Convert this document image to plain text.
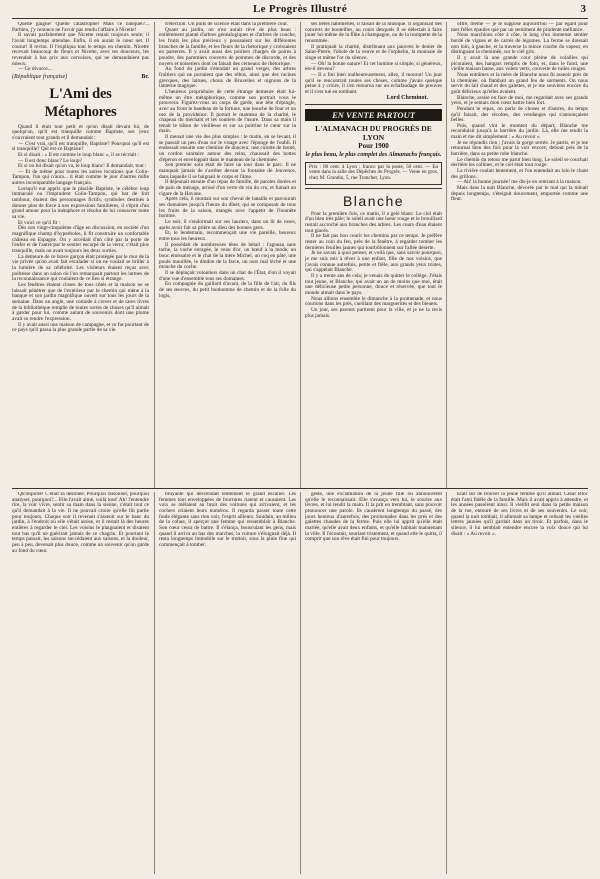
Le Progrès Illustré	3

Quelle gaigne! Quelle catastrophe! Mais ce banquet?... Parbleu, j'y renonce ne l'avoir pas rendu l'affaire à Nicette!

Il savait parfaitement que Nicette restait toujours seule; il l'avait longtemps attendue. Enfin, il en aurait le cœur net. Il courut! Il revint. Il l'expliqua tout le temps en chemin. Nicette recevait beaucoup de fleurs et Nicette, avec tes douceurs, les revendait à bas prix aux cervoises, qui ne demandaient pas mieux.

— Ce divorce...

(République française)	Br.
L'Ami des Métaphores

Quand il était tout petit et qu'on disait devant lui, de quelqu'un, qu'il est tranquille comme Baptiste, ses yeux s'ouvraient tout grands et il demandait :

— C'est vrai, qu'il est tranquille, Baptiste? Pourquoi qu'il est si tranquille? Qui est-ce Baptiste?

Et si disait : « Il est comme le loup blanc », il se récriait :

— Il est donc blanc? Le loup?

Et si on lui disait qu'on va, le loup blanc! Il demandait, tout :

— Et de même pour toutes les autres locutions que Colin-Tampon, l'un qui n'aura... il était comme le jour d'autres mille autres incomparable langage français.

Lorsqu'il eut appris que le placide Baptiste, le célèbre loup immaculé ou l'imprudent Colin-Tampon, qui bat de fort tambour, étaient des personnages fictifs, symboles destinés à donner plus de force à nos expressions familières, il s'éprit d'un grand amour pour la métaphore et résolut de lui consacrer toute sa vie.

Et voici ce qu'il fit :

Dès son vingt-cinquième d'âge en discussion, en société d'un magnifique champ d'hyperboles, il fit construire un confortable château en Espagne. On y accédait d'un côté par la porte de l'enfer et de l'autre par le sentier escarpé de la vertu; c'était plus tranquille, mais on avait toujours les deux sorties.

La demeure de ce brave garçon était protégée par le mur de la vie privée qu'on avait fait escalader si on ne voulait se brûler à la lumière de sa célébrité. Les visiteurs étaient reçus avec politesse dans un salon où l'on remarquait partout les larmes de la reconnaissance qui coulaient de ce lieu si étrange.

Les fenêtres étaient closes de tous côtés et la maison ne se laissait pénétrer que de l'extérieur par le chemin qui mène à la banque et son jardin magnifique ouvert sur tous les jours de la semaine. Dans un angle, une comode à crever et de rares livres de la bibliothèque remplie de toutes sortes de choses qu'il aimait à garder pour lui, comme autant de souvenirs dont une plume avait su rendre l'expression.

Il y avait aussi une maison de campagne, et ce fut pourtant de ce pays qu'il passa la plus grande partie de sa vie.

d'élection. Un puits de science était dans la première cour.

Quant au jardin, on n'en aurait rêvé de plus beau : entièrement planté d'arbres généalogiques et d'arbres de couche, les fruits les plus précieux y poussaient sur les différentes branches de la famille, et les fleurs de la rhétorique y croissaient en parterres. Il y avait aussi des poiriers chargés de poires à poudre, des pommiers couverts de pommes de discorde, et des noyers et noisetiers dont on faisait des cerneaux de rhétorique.

Au fond du jardin s'étendait un grand verger, des arbres fruitiers qui ne portaient que des rébus, ainsi que des racines grecques, des laitues, choux de Bruxelles et oignons de la lanterne magique.

L'heureux propriétaire de cette étrange demeure était lui-même un être métaphorique, comme son portrait vous le prouvera. Figurez-vous un corps de garde, une tête d'épingle, avec au front le bandeau de la fortune, une bouche de four et un nez de la providence. Il portait le manteau de la charité, le chapeau du méchant et les souliers de l'usure. Dans sa main il tenait le bâton de vieillesse et sur sa poitrine le cœur sur la main.

Il menait une vie des plus simples : le matin, en se levant, il se passait un peu d'eau sur le visage avec l'éponge de l'oubli. Il endossait ensuite une chemise de douceur, une culotte de bonté, un cordon sanitaire autour des reins, chaussait des bottes d'éperon et enveloppait dans le manteau de la cheminée.

Son premier soin était de faire un tour dans le parc. Il ne manquait jamais de s'arrêter devant la fontaine de Jouvence, dans laquelle il se baignait le corps et l'âme.

Il déjeunait ensuite d'un repas de famille, de paroles dorées et de pain de ménage, arrosé d'un verre de vin du cru, et fumait un cigare de la Havane.

Après cela, il montait sur son cheval de bataille et parcourait ses domaines jusqu'à l'heure du dîner, qui se composait de tous les fruits de la saison, mangés avec l'appétit de l'honnête homme.

Le soir, il s'endormait sur ses lauriers, dans un lit de roses, après avoir fait sa prière au dieu des bonnes gens.

Et, le lendemain, recommençait une vie pareille, heureux entre tous les heureux.

Il possédait de nombreuses têtes de bétail : l'agneau sans tache, la vache enragée, le veau d'or, un bœuf à la mode, un bouc émissaire et le chat de la mère Michel, un coq en pâte, une poule mouillée, le dindon de la farce, un ours mal léché et une mouche du coche.

Il se déplaçait volontiers dans un char de l'État, d'où il voyait d'une vue d'ensemble tous ses domaines.

En compagnie du gaillard d'avant, de la fille de l'air, du fils de ses œuvres, du petit bonhomme de chemin et de la folle du logis,

ses bêtes habituelles, il faisait de la musique. Il organisait des concerts de bouteilles, au cours desquels il se délectait à faire jouer lui-même de la flûte à champagne, ou de la trompette de la renommée.

Il pratiquait la charité, distribuant aux pauvres le denier de Saint-Pierre, l'obole de la veuve et de l'orphelin, la monnaie de singe et même l'or du silence.

— Oh! la bonne nature! Et cet homme si simple, si généreux, est-il devenu?

— Il a fini bien malheureusement, allez, il mourut! Un jour qu'il se rencontrait toutes ses choses, comme j'avais quelque peine à y croire, il s'en retourna sur un échafaudage de preuves et il s'est tué en tombant.

Lord Cheminot.
EN VENTE PARTOUT
L'ALMANACH DU PROGRÈS DE LYON
Pour 1900
le plus beau, le plus complet des Almanachs français.
Prix : 80 cent. à Lyon ; franco par la poste, 50 cent. — En vente dans la salle des Dépêches du Progrès. — Vente en gros, chez M. Grandin, 5, rue Tronchet, Lyon.
Blanche

Pour la première fois, ce matin, il a gelé blanc. Le ciel était d'un bleu très pâle; le soleil avait une lueur rouge et le brouillard restait accroché aux branches des arbres. Les cours d'eau étaient tout glacés.

Il ne fait pas bon courir les chemins par ce temps. Je préfère rester au coin du feu, près de la fenêtre, à regarder tomber les dernières feuilles jaunes qui tourbillonnent sur l'allée déserte.

Je ne savais à quoi penser, et voilà que, sans savoir pourquoi, je me suis mis à rêver à une enfant, fille de nos voisins, que j'avais connue autrefois, petite et frêle, aux grands yeux tristes, qui s'appelait Blanche.

Il y a trente ans de cela; je venais de quitter le collège. J'étais tout jeune, et Blanche, qui avait un an de moins que moi, était une délicieuse petite personne, douce et réservée, que tout le monde aimait dans le pays.

Nous allions ensemble le dimanche à la promenade, et nous courions dans les prés, cueillant des marguerites et des bleuets.

Un jour, ses parents partirent pour la ville, et je ne la revis plus jamais.

offre, même — je le suppose aujourd'hui — par égard pour mes frêles épaules que par un sentiment de prudente méfiance.

Nous marchions côte à côte, le long d'un immense sentier bordé de vignes et de carrés de légumes. La ferme se dressait non loin, à gauche, et la traverse la mince courbe du vapeur, en distinguant la cheminée, sur le ciel gris.

Il y avait là une grande cour pleine de volailles qui picoraient, des hangars remplis de foin, et, dans le fond, une vieille maison basse, aux volets verts, couverte de tuiles rouges.

Nous entrâmes et la mère de Blanche nous fit asseoir près de la cheminée, où flambait un grand feu de sarments. On nous servit du lait chaud et des galettes, et je me souviens encore du goût délicieux qu'elles avaient.

Blanche, assise en face de moi, me regardait avec ses grands yeux, et je sentais mon cœur battre bien fort.

Pendant le repas, on parla de choses et d'autres, du temps qu'il faisait, des récoltes, des vendanges qui s'annonçaient belles.

Puis, quand vint le moment du départ, Blanche me reconduisit jusqu'à la barrière du jardin. Là, elle me tendit la main et me dit simplement : « Au revoir ».

Je ne répondis rien ; j'avais la gorge serrée. Je partis, et je me retournai bien des fois pour la voir encore, debout près de la barrière, dans sa petite robe blanche.

Le chemin du retour me parut bien long. Le soleil se couchait derrière les collines, et le ciel était tout rouge.

La rivière coulait lentement, et l'on entendait au loin le chant des grillons.

— Ah! la bonne journée! me dis-je en rentrant à la maison.

Mais dans la nuit Blanche, dévorée par le mal qui la minait depuis longtemps, s'éteignit doucement, emportée comme une fleur.

Qu'importe! C'était sa destinée. Pourquoi raisonner, pourquoi analyser, pourquoi?... Elle l'avait aimé, voilà tout! Ah! l'entendre rire, la voir vivre, sentir sa main dans la sienne, c'était tout ce qu'il demandait à la vie. Il ne pouvait croire qu'elle fût partie pour toujours. Chaque soir il revenait s'asseoir sur le banc du jardin, à l'endroit où elle s'était assise, et il restait là des heures entières à regarder le ciel. Les voisins le plaignaient et disaient tout bas qu'il ne guérirait jamais de ce chagrin. Et pourtant le temps passait, les saisons succédaient aux saisons, et la douleur, peu à peu, devenait plus douce, comme un souvenir qu'on garde au fond du cœur.

bruyante qui descendait lentement le grand escalier. Les femmes tout enveloppées de fourrures riaient et causaient. Les voix se mêlaient au bruit des voitures qui arrivaient, et les cochers criaient leurs numéros. Il regarda passer toute cette foule élégante sans rien voir, l'esprit ailleurs. Soudain, au milieu de la cohue, il aperçut une femme qui ressemblait à Blanche. Son cœur cessa de battre. Il s'élança, bousculant les gens, mais quand il arriva au bas des marches, la voiture s'éloignait déjà. Il resta longtemps immobile sur le trottoir, sous la pluie fine qui commençait à tomber.

geste, une exclamation de la jeune fille lui annoncèrent qu'elle le reconnaissait. Elle s'avança vers lui, le sourire aux lèvres, et lui tendit la main. Il la prit en tremblant, sans pouvoir prononcer une parole. Ils causèrent longtemps du passé, des jours heureux d'autrefois, des promenades dans les prés et des galettes chaudes de la ferme. Puis elle lui apprit qu'elle était mariée, qu'elle avait deux enfants, et qu'elle habitait maintenant la ville. Il l'écoutait, souriant tristement, et quand elle le quitta, il comprit que son rêve était fini pour toujours.

Était sûr de trouver la jeune femme qu'il aimait. César Bloc était l'ami fidèle de la famille. Mais il avait appris à attendre, et les années passèrent ainsi. Il vieillit seul dans la petite maison de la rue, entouré de ses livres et de ses souvenirs. Le soir, quand la nuit tombait, il allumait sa lampe et relisait les vieilles lettres jaunies qu'il gardait dans un tiroir. Et parfois, dans le silence, il lui semblait entendre encore la voix douce qui lui disait : « Au revoir ».
